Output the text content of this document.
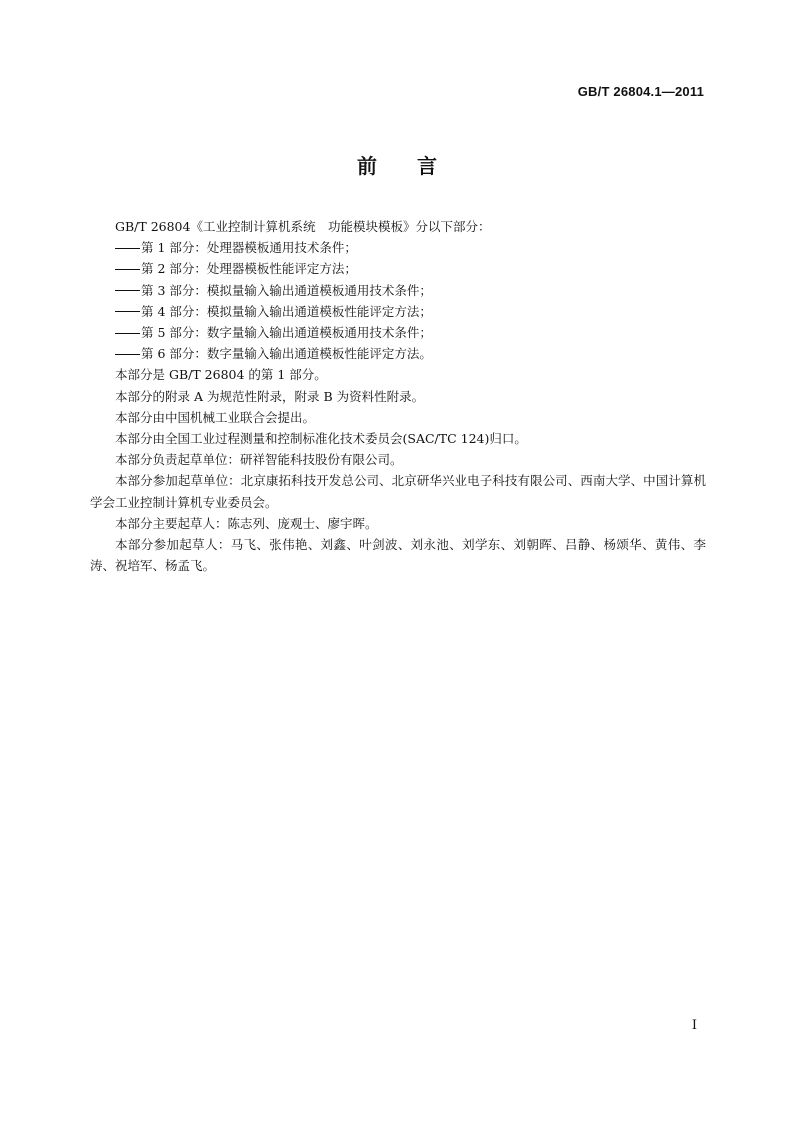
GB/T 26804.1—2011
前言

GB/T 26804《工业控制计算机系统　功能模块模板》分以下部分：

第 1 部分：处理器模板通用技术条件；

第 2 部分：处理器模板性能评定方法；

第 3 部分：模拟量输入输出通道模板通用技术条件；

第 4 部分：模拟量输入输出通道模板性能评定方法；

第 5 部分：数字量输入输出通道模板通用技术条件；

第 6 部分：数字量输入输出通道模板性能评定方法。

本部分是 GB/T 26804 的第 1 部分。

本部分的附录 A 为规范性附录，附录 B 为资料性附录。

本部分由中国机械工业联合会提出。

本部分由全国工业过程测量和控制标准化技术委员会(SAC/TC 124)归口。

本部分负责起草单位：研祥智能科技股份有限公司。

本部分参加起草单位：北京康拓科技开发总公司、北京研华兴业电子科技有限公司、西南大学、中国计算机学会工业控制计算机专业委员会。

本部分主要起草人：陈志列、庞观士、廖宇晖。

本部分参加起草人：马飞、张伟艳、刘鑫、叶剑波、刘永池、刘学东、刘朝晖、吕静、杨颂华、黄伟、李涛、祝培军、杨孟飞。

I
